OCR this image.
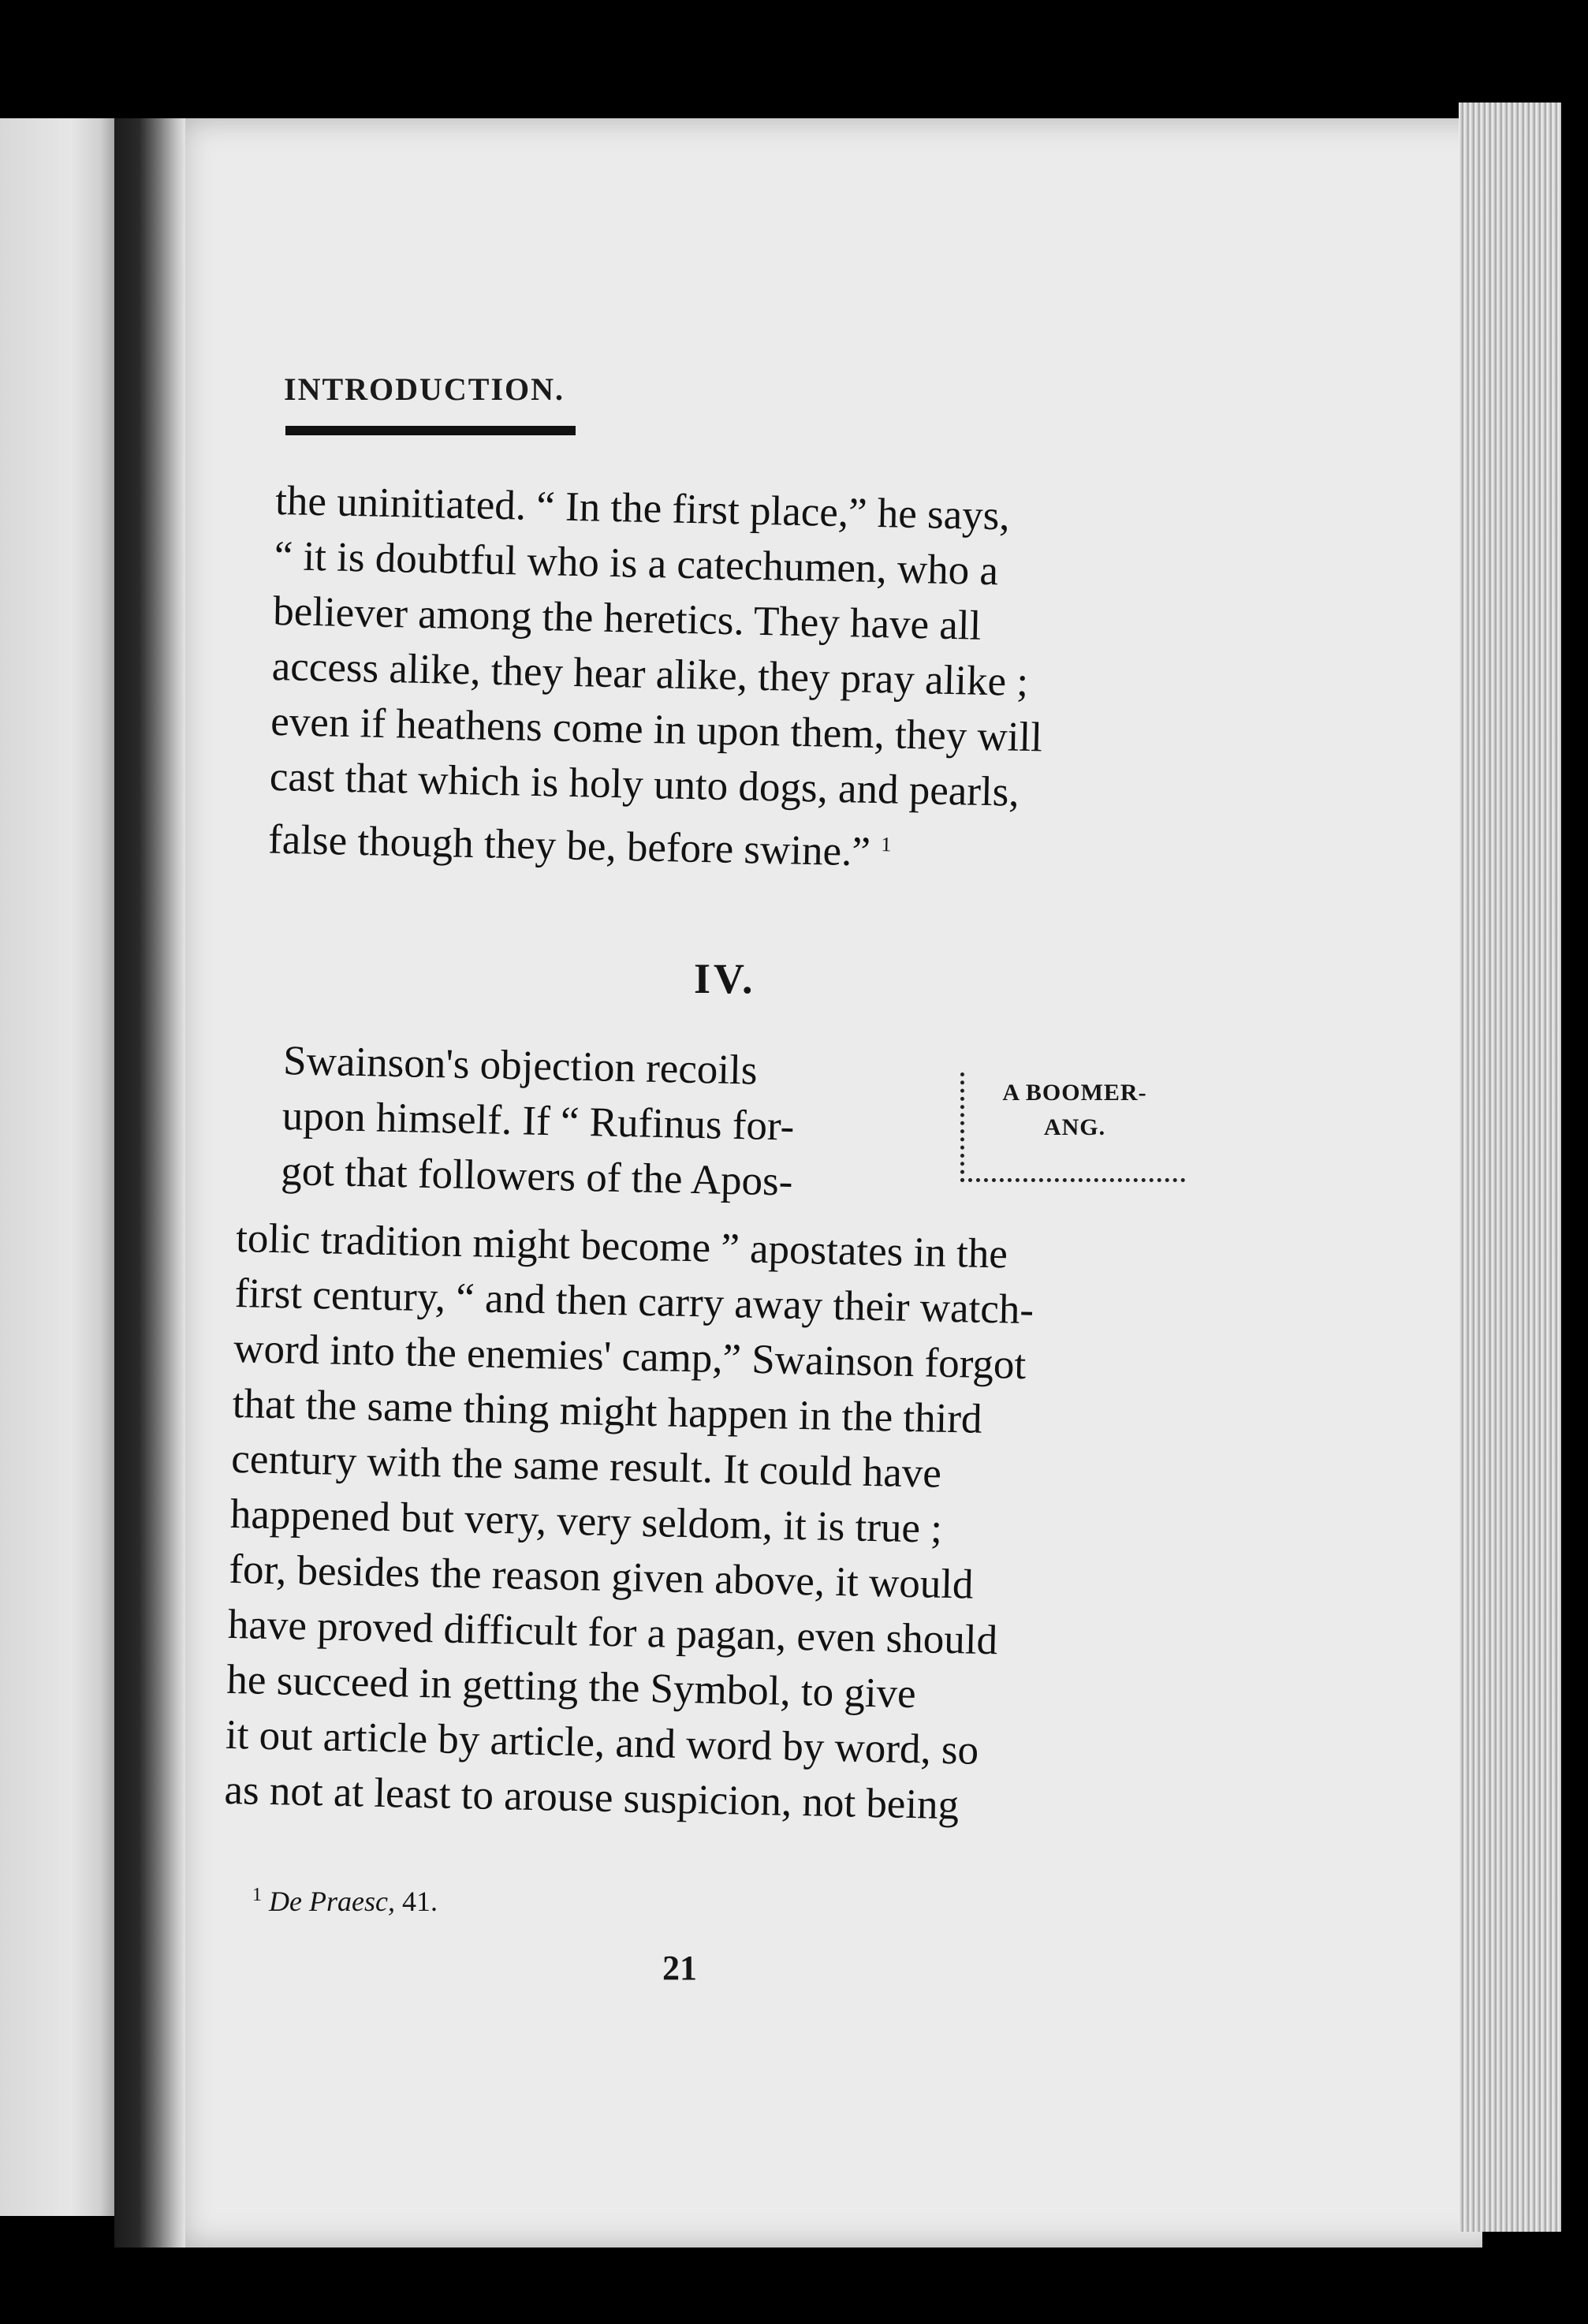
INTRODUCTION.
the uninitiated. “ In the first place,” he says,
“ it is doubtful who is a catechumen, who a
believer among the heretics. They have all
access alike, they hear alike, they pray alike ;
even if heathens come in upon them, they will
cast that which is holy unto dogs, and pearls,
false though they be, before swine.” $^1$
IV.
Swainson's objection recoils
upon himself. If “ Rufinus for-
got that followers of the Apos-
A BOOMER-
ANG.
tolic tradition might become ” apostates in the
first century, “ and then carry away their watch-
word into the enemies' camp,” Swainson forgot
that the same thing might happen in the third
century with the same result. It could have
happened but very, very seldom, it is true ;
for, besides the reason given above, it would
have proved difficult for a pagan, even should
he succeed in getting the Symbol, to give
it out article by article, and word by word, so
as not at least to arouse suspicion, not being
$^1$ De Praesc, 41.
21
